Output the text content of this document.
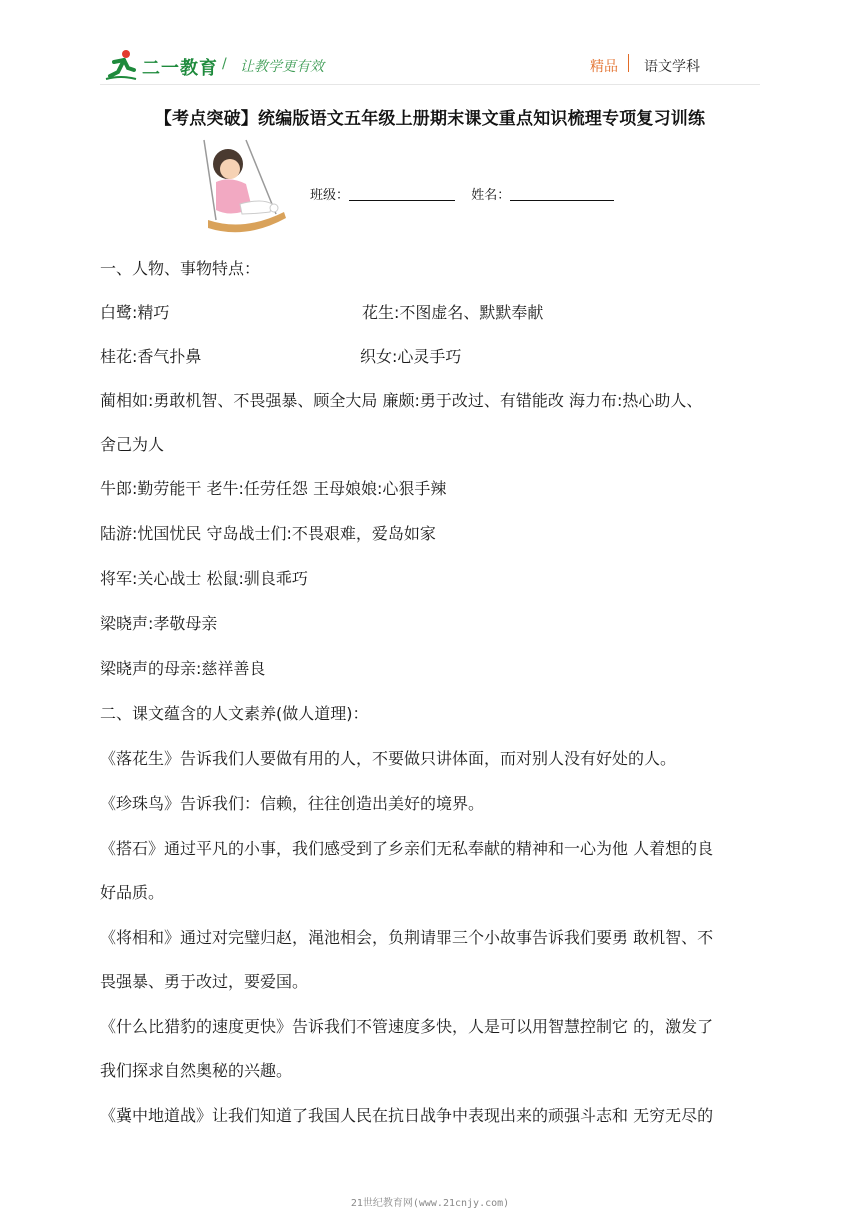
二一教育 / 让教学更有效	精品 语文学科
【考点突破】统编版语文五年级上册期末课文重点知识梳理专项复习训练
班级：	姓名：

一、人物、事物特点：

白鹭:精巧	花生:不图虚名、默默奉献
桂花:香气扑鼻	织女:心灵手巧

蔺相如:勇敢机智、不畏强暴、顾全大局 廉颇:勇于改过、有错能改 海力布:热心助人、

舍己为人

牛郎:勤劳能干 老牛:任劳任怨 王母娘娘:心狠手辣

陆游:忧国忧民 守岛战士们:不畏艰难，爱岛如家

将军:关心战士 松鼠:驯良乖巧

梁晓声:孝敬母亲

梁晓声的母亲:慈祥善良

二、课文蕴含的人文素养(做人道理)：

《落花生》告诉我们人要做有用的人，不要做只讲体面，而对别人没有好处的人。

《珍珠鸟》告诉我们：信赖，往往创造出美好的境界。

《搭石》通过平凡的小事，我们感受到了乡亲们无私奉献的精神和一心为他 人着想的良

好品质。

《将相和》通过对完璧归赵，渑池相会，负荆请罪三个小故事告诉我们要勇 敢机智、不

畏强暴、勇于改过，要爱国。

《什么比猎豹的速度更快》告诉我们不管速度多快，人是可以用智慧控制它 的，激发了

我们探求自然奥秘的兴趣。

《冀中地道战》让我们知道了我国人民在抗日战争中表现出来的顽强斗志和 无穷无尽的

21世纪教育网(www.21cnjy.com)
